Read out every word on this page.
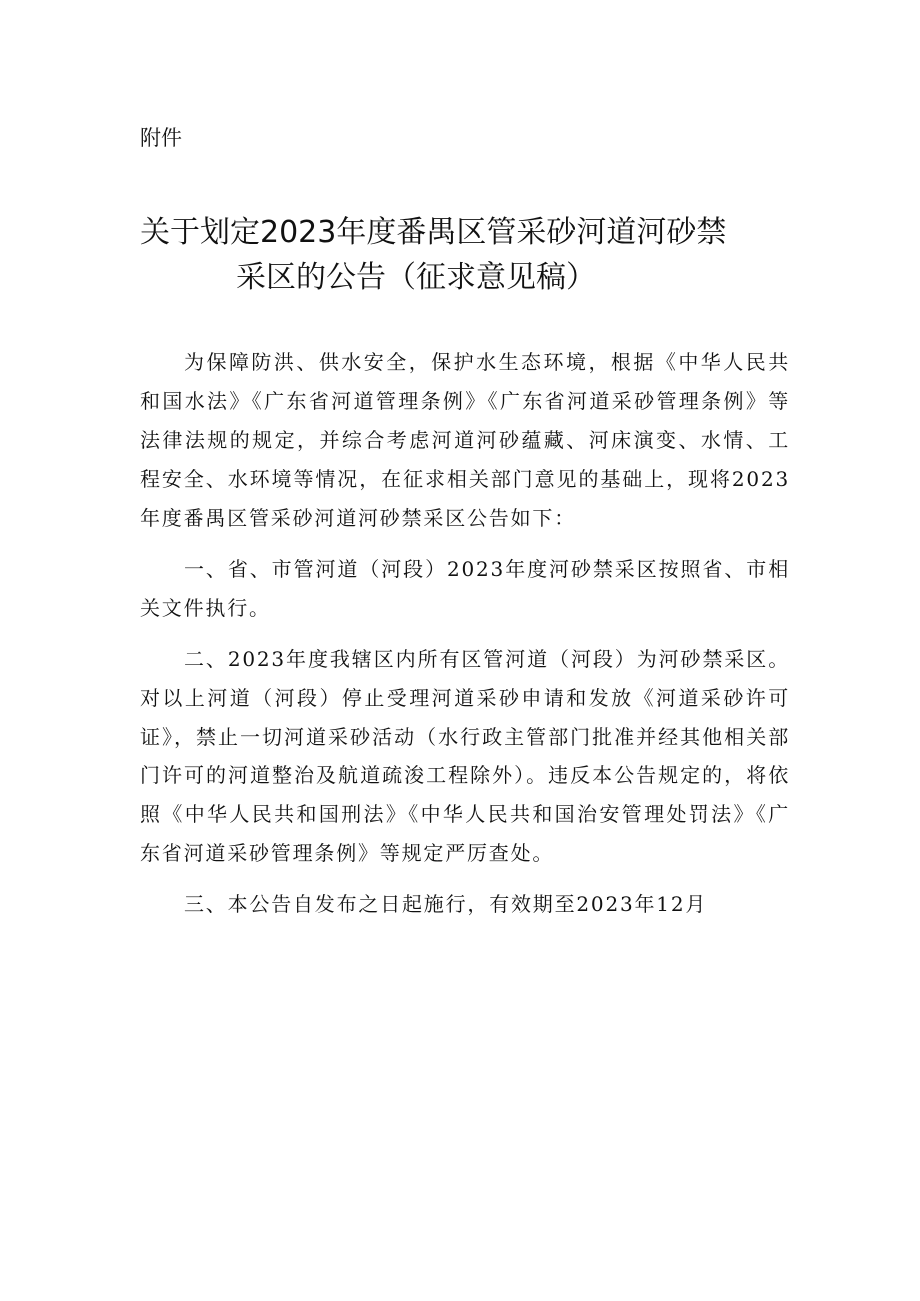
附件

关于划定2023年度番禺区管采砂河道河砂禁
采区的公告（征求意见稿）

为保障防洪、供水安全，保护水生态环境，根据《中华人民共和国水法》《广东省河道管理条例》《广东省河道采砂管理条例》等法律法规的规定，并综合考虑河道河砂蕴藏、河床演变、水情、工程安全、水环境等情况，在征求相关部门意见的基础上，现将2023年度番禺区管采砂河道河砂禁采区公告如下：

一、省、市管河道（河段）2023年度河砂禁采区按照省、市相关文件执行。

二、2023年度我辖区内所有区管河道（河段）为河砂禁采区。对以上河道（河段）停止受理河道采砂申请和发放《河道采砂许可证》，禁止一切河道采砂活动（水行政主管部门批准并经其他相关部门许可的河道整治及航道疏浚工程除外）。违反本公告规定的，将依照《中华人民共和国刑法》《中华人民共和国治安管理处罚法》《广东省河道采砂管理条例》等规定严厉查处。

三、本公告自发布之日起施行，有效期至2023年12月
